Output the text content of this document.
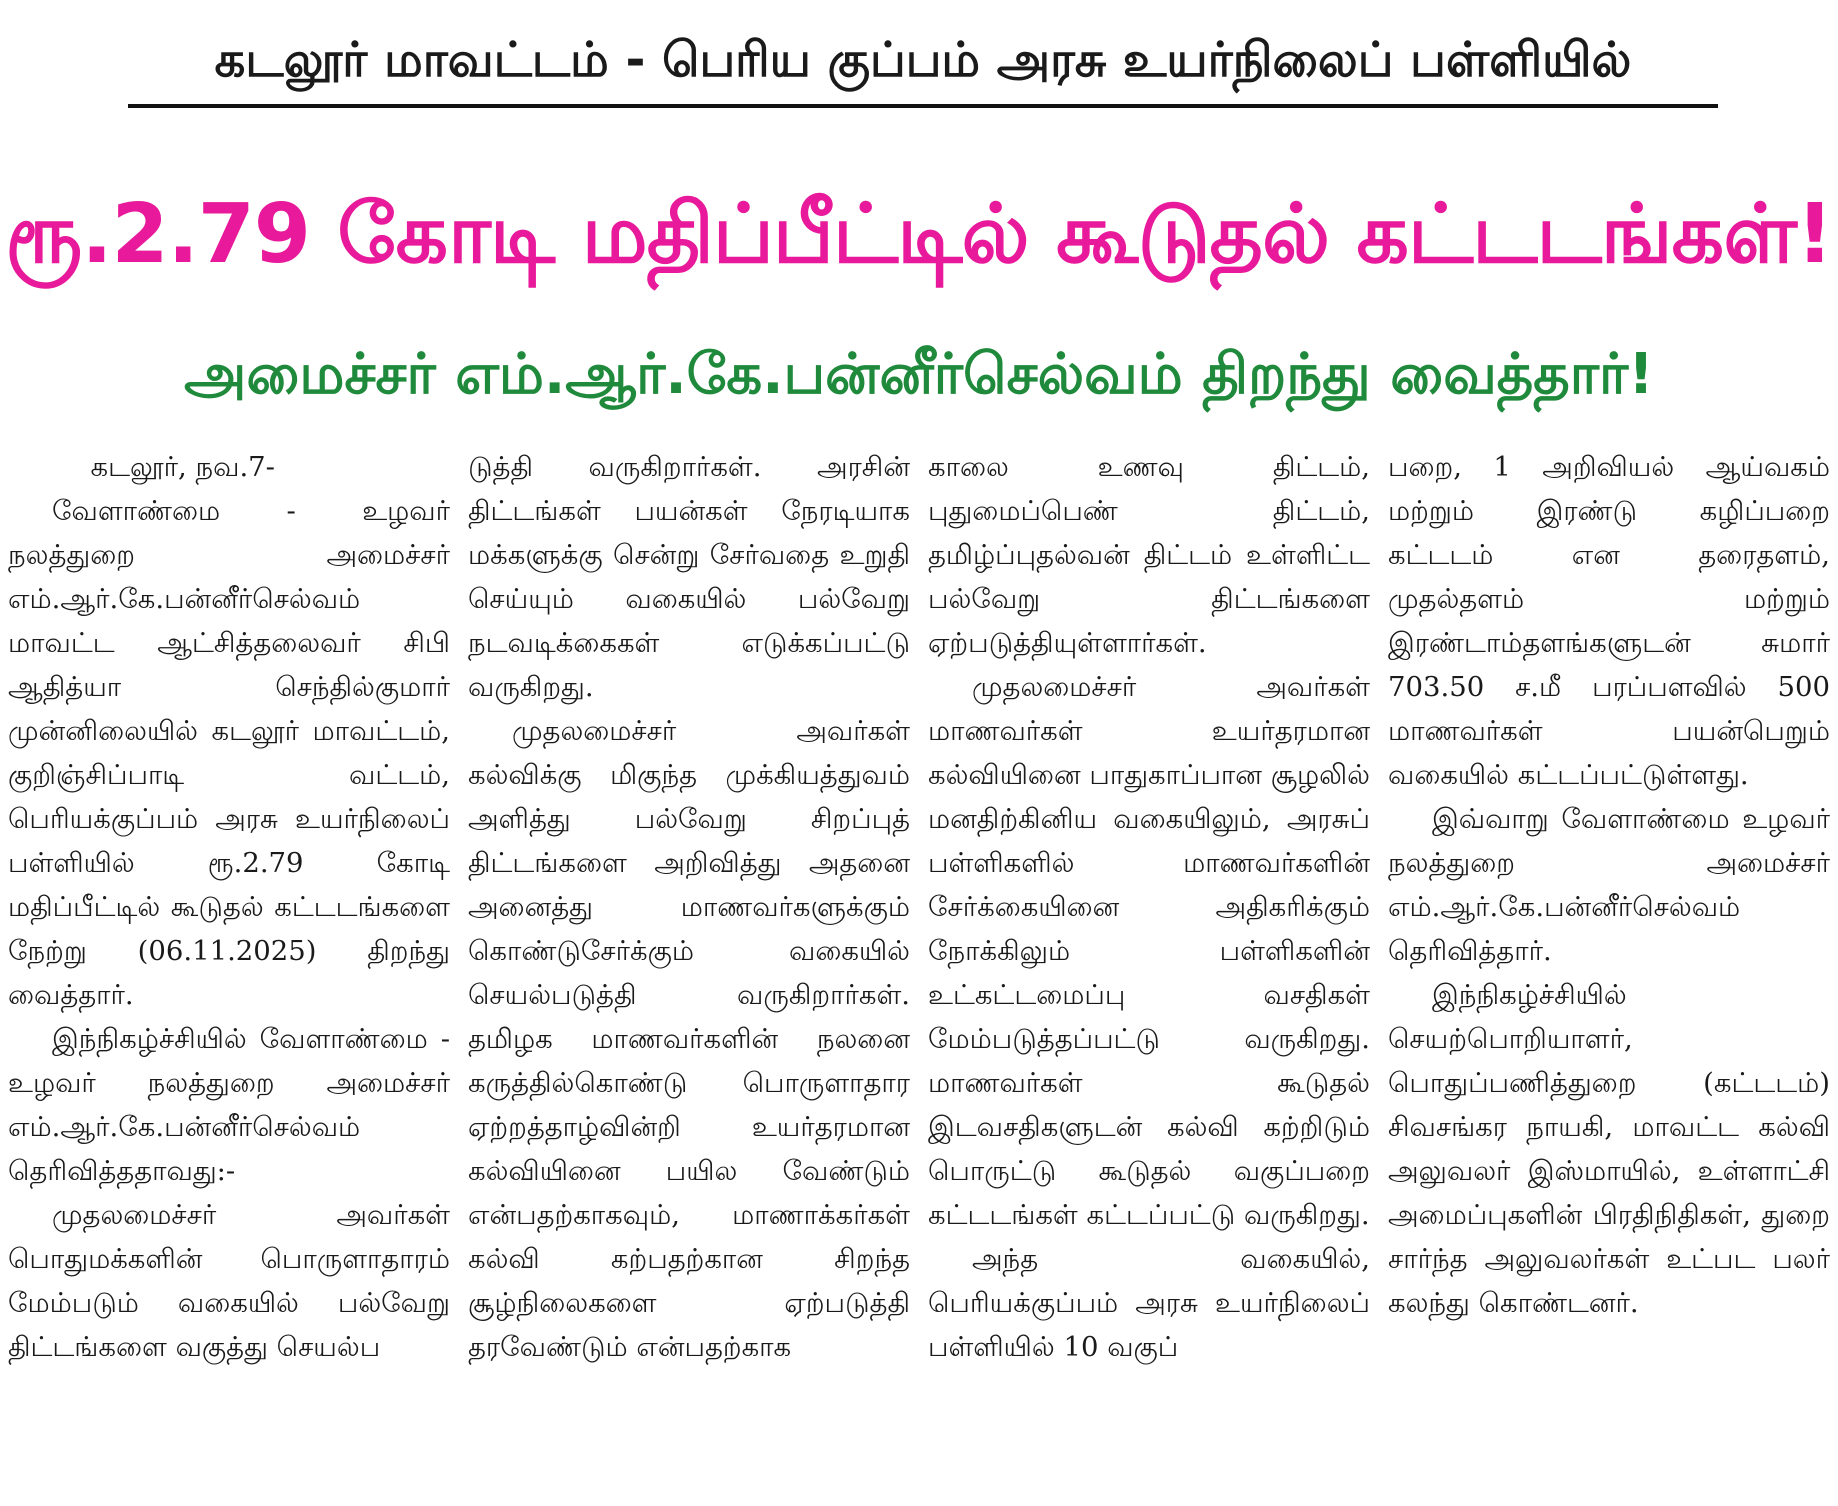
கடலூர் மாவட்டம் - பெரிய குப்பம் அரசு உயர்நிலைப் பள்ளியில்
ரூ.2.79 கோடி மதிப்பீட்டில் கூடுதல் கட்டடங்கள்!
அமைச்சர் எம்.ஆர்.கே.பன்னீர்செல்வம் திறந்து வைத்தார்!

கடலூர், நவ.7-

வேளாண்மை - உழவர் நலத்துறை அமைச்சர் எம்.ஆர்.கே.பன்னீர்செல்வம் மாவட்ட ஆட்சித்தலைவர் சிபி ஆதித்யா செந்தில்குமார் முன்னிலையில் கடலூர் மாவட்டம், குறிஞ்சிப்பாடி வட்டம், பெரியக்குப்பம் அரசு உயர்நிலைப் பள்ளியில் ரூ.2.79 கோடி மதிப்பீட்டில் கூடுதல் கட்டடங்களை நேற்று (06.11.2025) திறந்து வைத்தார்.

இந்நிகழ்ச்சியில் வேளாண்மை - உழவர் நலத்துறை அமைச்சர் எம்.ஆர்.கே.பன்னீர்செல்வம் தெரிவித்ததாவது:-

முதலமைச்சர் அவர்கள் பொதுமக்களின் பொருளாதாரம் மேம்படும் வகையில் பல்வேறு திட்டங்களை வகுத்து செயல்ப

டுத்தி வருகிறார்கள். அரசின் திட்டங்கள் பயன்கள் நேரடியாக மக்களுக்கு சென்று சேர்வதை உறுதி செய்யும் வகையில் பல்வேறு நடவடிக்கைகள் எடுக்கப்பட்டு வருகிறது.

முதலமைச்சர் அவர்கள் கல்விக்கு மிகுந்த முக்கியத்துவம் அளித்து பல்வேறு சிறப்புத் திட்டங்களை அறிவித்து அதனை அனைத்து மாணவர்களுக்கும் கொண்டுசேர்க்கும் வகையில் செயல்படுத்தி வருகிறார்கள். தமிழக மாணவர்களின் நலனை கருத்தில்கொண்டு பொருளாதார ஏற்றத்தாழ்வின்றி உயர்தரமான கல்வியினை பயில வேண்டும் என்பதற்காகவும், மாணாக்கர்கள் கல்வி கற்பதற்கான சிறந்த சூழ்நிலைகளை ஏற்படுத்தி தரவேண்டும் என்பதற்காக

காலை உணவு திட்டம், புதுமைப்பெண் திட்டம், தமிழ்ப்புதல்வன் திட்டம் உள்ளிட்ட பல்வேறு திட்டங்களை ஏற்படுத்தியுள்ளார்கள்.

முதலமைச்சர் அவர்கள் மாணவர்கள் உயர்தரமான கல்வியினை பாதுகாப்பான சூழலில் மனதிற்கினிய வகையிலும், அரசுப் பள்ளிகளில் மாணவர்களின் சேர்க்கையினை அதிகரிக்கும் நோக்கிலும் பள்ளிகளின் உட்கட்டமைப்பு வசதிகள் மேம்படுத்தப்பட்டு வருகிறது. மாணவர்கள் கூடுதல் இடவசதிகளுடன் கல்வி கற்றிடும் பொருட்டு கூடுதல் வகுப்பறை கட்டடங்கள் கட்டப்பட்டு வருகிறது.

அந்த வகையில், பெரியக்குப்பம் அரசு உயர்நிலைப் பள்ளியில் 10 வகுப்

பறை, 1 அறிவியல் ஆய்வகம் மற்றும் இரண்டு கழிப்பறை கட்டடம் என தரைதளம், முதல்தளம் மற்றும் இரண்டாம்தளங்களுடன் சுமார் 703.50 ச.மீ பரப்பளவில் 500 மாணவர்கள் பயன்பெறும் வகையில் கட்டப்பட்டுள்ளது.

இவ்வாறு வேளாண்மை உழவர் நலத்துறை அமைச்சர் எம்.ஆர்.கே.பன்னீர்செல்வம் தெரிவித்தார்.

இந்நிகழ்ச்சியில் செயற்பொறியாளர், பொதுப்பணித்துறை (கட்டடம்) சிவசங்கர நாயகி, மாவட்ட கல்வி அலுவலர் இஸ்மாயில், உள்ளாட்சி அமைப்புகளின் பிரதிநிதிகள், துறை சார்ந்த அலுவலர்கள் உட்பட பலர் கலந்து கொண்டனர்.
